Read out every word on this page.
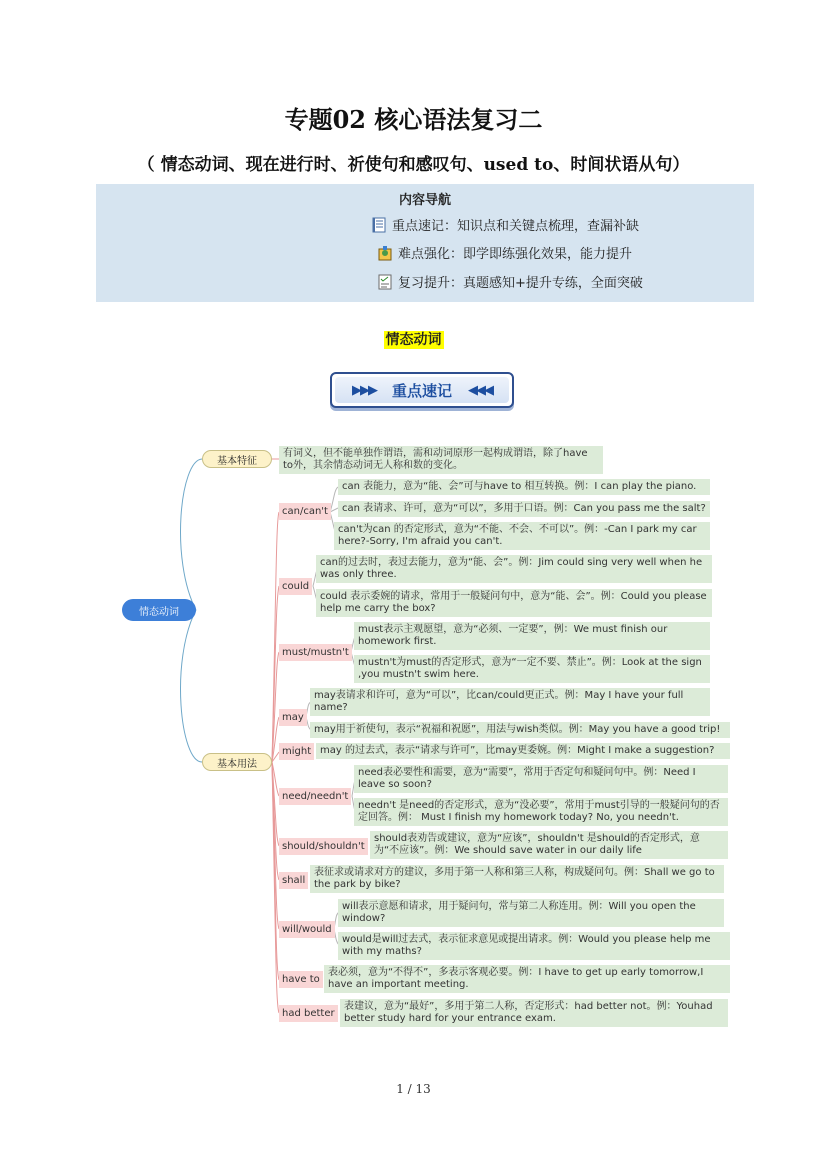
专题02 核心语法复习二
（ 情态动词、现在进行时、祈使句和感叹句、used to、时间状语从句）
内容导航
重点速记：知识点和关键点梳理，查漏补缺
难点强化：即学即练强化效果，能力提升
复习提升：真题感知+提升专练，全面突破
情态动词
▶▶▶ 重点速记 ◀◀◀
情态动词
基本特征
基本用法
有词义，但不能单独作谓语，需和动词原形一起构成谓语，除了have to外，其余情态动词无人称和数的变化。
can/can't
can 表能力，意为“能、会”可与have to 相互转换。例：I can play the piano.
can 表请求、许可，意为“可以”，多用于口语。例：Can you pass me the salt?
can't为can 的否定形式，意为“不能、不会、不可以”。例：-Can I park my car here?-Sorry, I'm afraid you can't.
could
can的过去时，表过去能力，意为“能、会”。例：Jim could sing very well when he was only three.
could 表示委婉的请求，常用于一般疑问句中，意为“能、会”。例：Could you please help me carry the box?
must/mustn't
must表示主观愿望，意为“必须、一定要”，例：We must finish our homework first.
mustn't为must的否定形式，意为“一定不要、禁止”。例：Look at the sign ,you mustn't swim here.
may
may表请求和许可，意为“可以”，比can/could更正式。例：May I have your full name?
may用于祈使句，表示“祝福和祝愿”，用法与wish类似。例：May you have a good trip!
might may 的过去式，表示“请求与许可”，比may更委婉。例：Might I make a suggestion?
need/needn't
need表必要性和需要，意为“需要”，常用于否定句和疑问句中。例：Need I leave so soon?
needn't 是need的否定形式，意为“没必要”，常用于must引导的一般疑问句的否定回答。例： Must I finish my homework today? No, you needn't.
should/shouldn't
should表劝告或建议，意为“应该”，shouldn't 是should的否定形式，意为“不应该”。例：We should save water in our daily life
shall
表征求或请求对方的建议，多用于第一人称和第三人称，构成疑问句。例：Shall we go to the park by bike?
will/would
will表示意愿和请求，用于疑问句，常与第二人称连用。例：Will you open the window?
would是will过去式，表示征求意见或提出请求。例：Would you please help me with my maths?
have to
表必须，意为“不得不”，多表示客观必要。例：I have to get up early tomorrow,I have an important meeting.
had better
表建议，意为“最好”，多用于第二人称，否定形式：had better not。例：Youhad better study hard for your entrance exam.
1 / 13
